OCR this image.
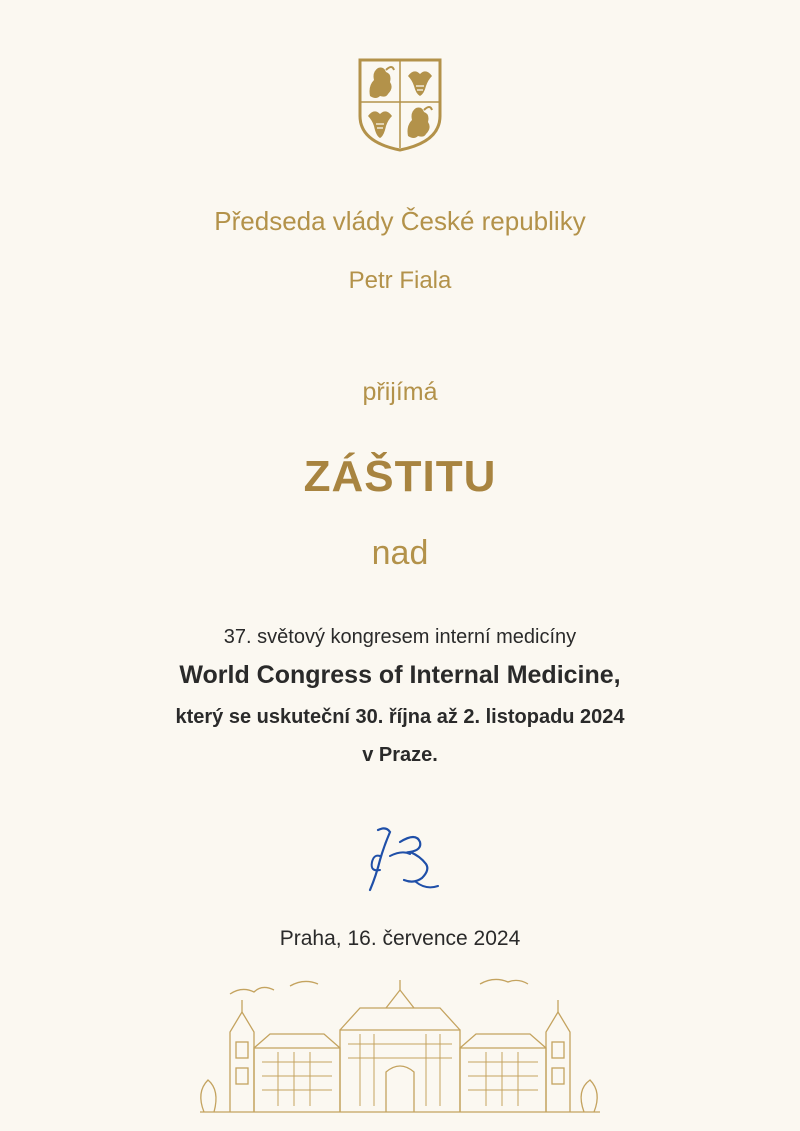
Předseda vlády České republiky
Petr Fiala
přijímá
ZÁŠTITU
nad
37. světový kongresem interní medicíny
World Congress of Internal Medicine,
který se uskuteční 30. října až 2. listopadu 2024
v Praze.
Praha, 16. července 2024
